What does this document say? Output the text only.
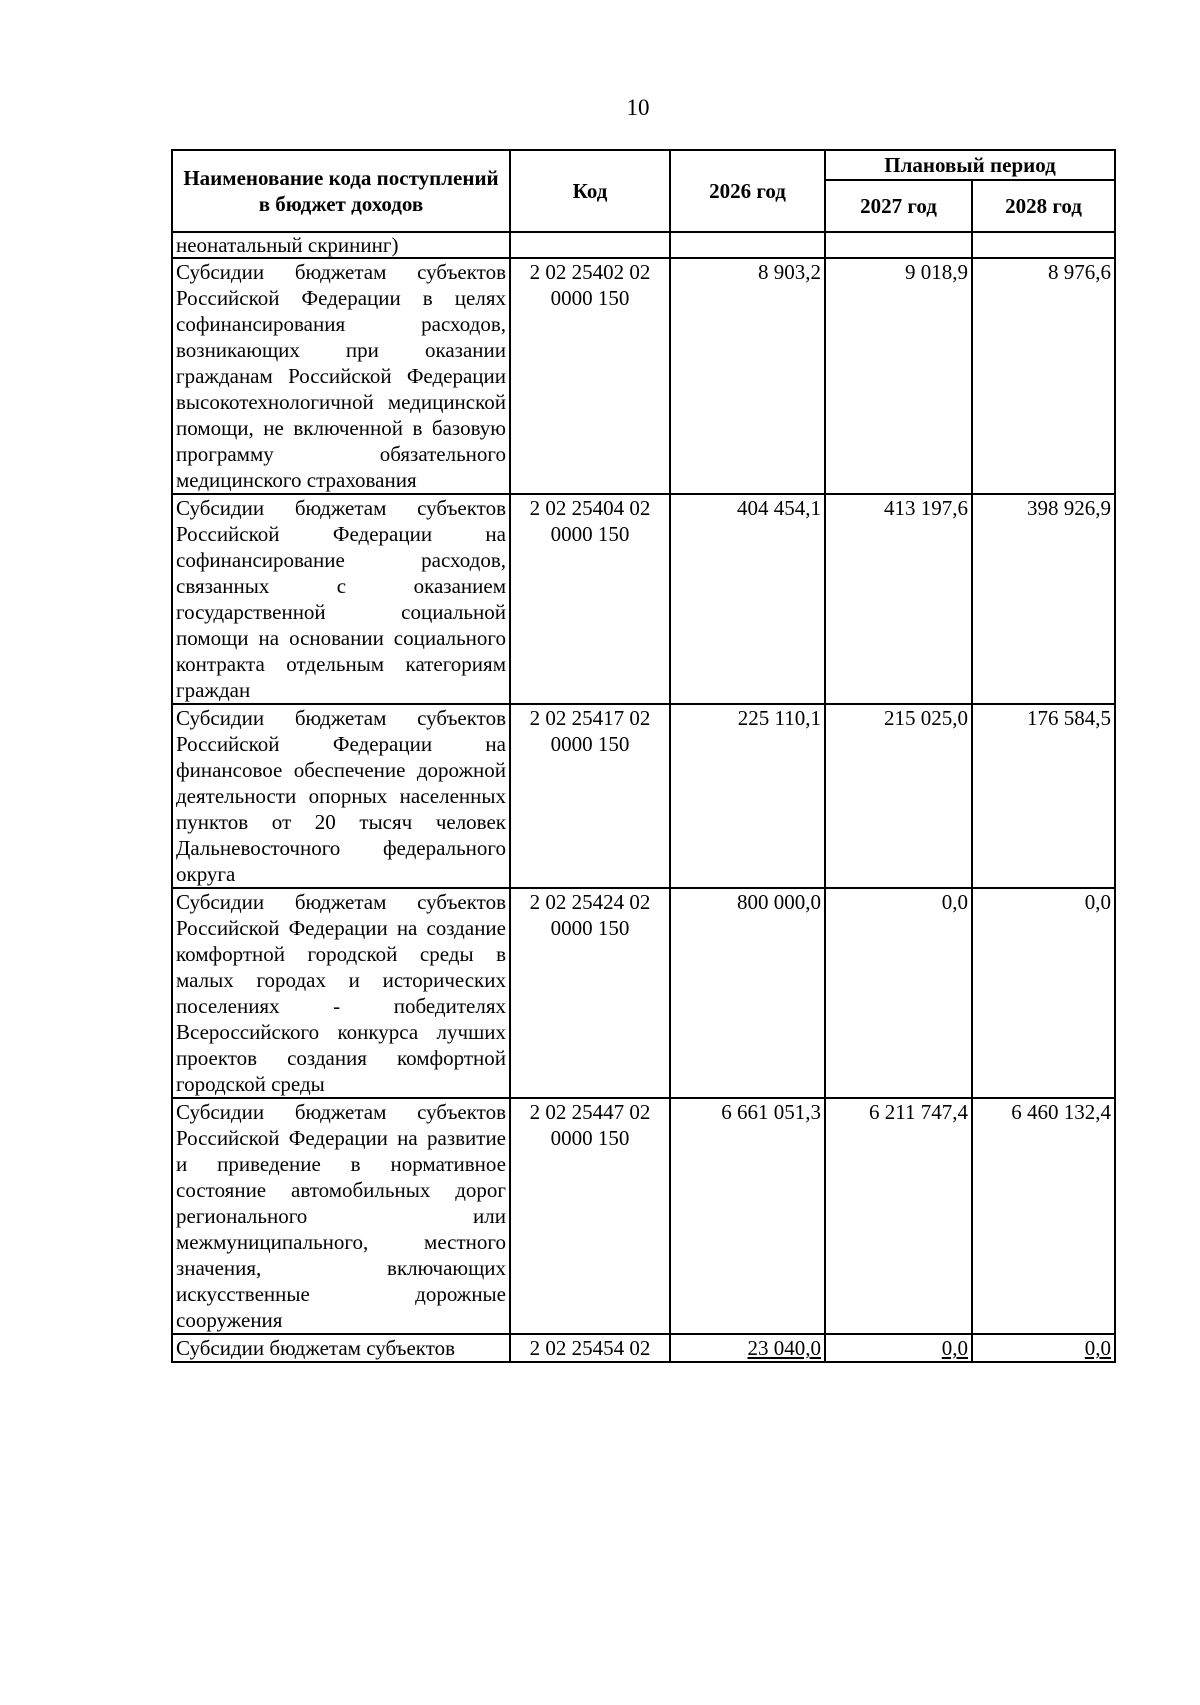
10
Наименование кода поступлений в бюджет доходов	Код	2026 год	Плановый период	
			2027 год	2028 год
неонатальный скрининг)				
Субсидии бюджетам субъектов Российской Федерации в целях софинансирования расходов, возникающих при оказании гражданам Российской Федерации высокотехнологичной медицинской помощи, не включенной в базовую программу обязательного медицинского страхования	2 02 25402 02 0000 150	8 903,2	9 018,9	8 976,6
Субсидии бюджетам субъектов Российской Федерации на софинансирование расходов, связанных с оказанием государственной социальной помощи на основании социального контракта отдельным категориям граждан	2 02 25404 02 0000 150	404 454,1	413 197,6	398 926,9
Субсидии бюджетам субъектов Российской Федерации на финансовое обеспечение дорожной деятельности опорных населенных пунктов от 20 тысяч человек Дальневосточного федерального округа	2 02 25417 02 0000 150	225 110,1	215 025,0	176 584,5
Субсидии бюджетам субъектов Российской Федерации на создание комфортной городской среды в малых городах и исторических поселениях - победителях Всероссийского конкурса лучших проектов создания комфортной городской среды	2 02 25424 02 0000 150	800 000,0	0,0	0,0
Субсидии бюджетам субъектов Российской Федерации на развитие и приведение в нормативное состояние автомобильных дорог регионального или межмуниципального, местного значения, включающих искусственные дорожные сооружения	2 02 25447 02 0000 150	6 661 051,3	6 211 747,4	6 460 132,4
Субсидии бюджетам субъектов	2 02 25454 02	23 040,0	0,0	0,0
